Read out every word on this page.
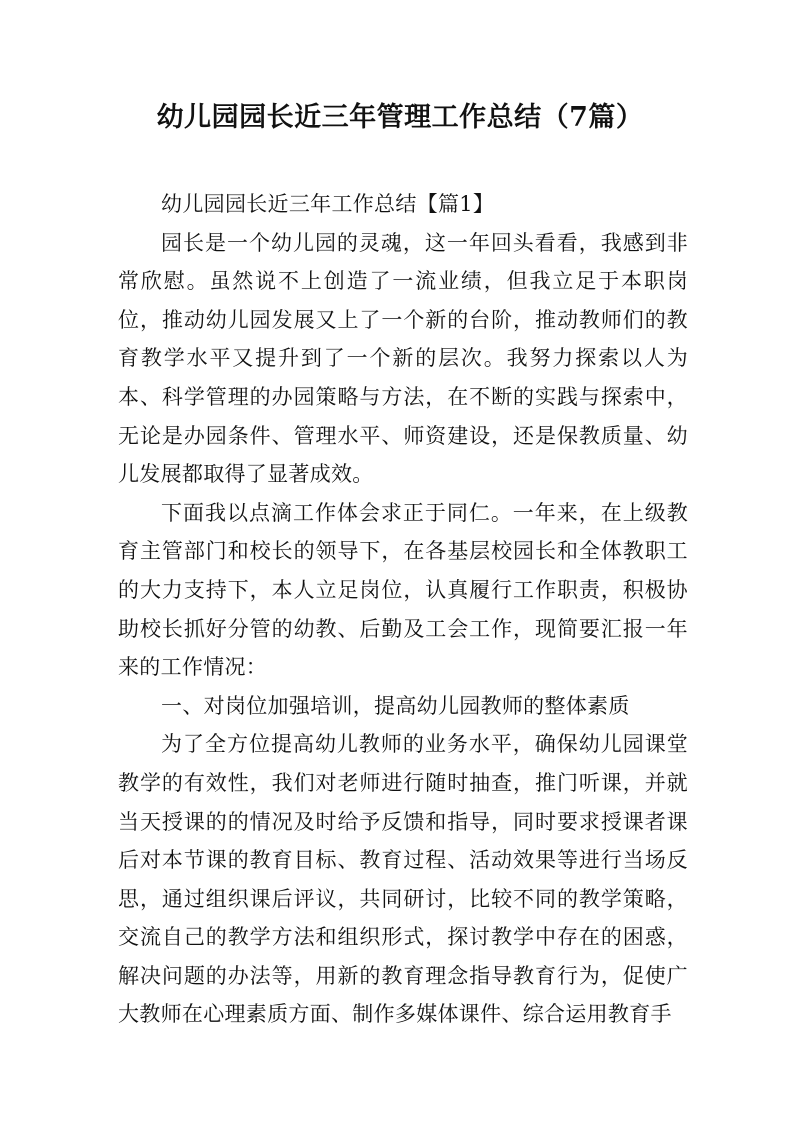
幼儿园园长近三年管理工作总结（7篇）

幼儿园园长近三年工作总结【篇1】

园长是一个幼儿园的灵魂，这一年回头看看，我感到非常欣慰。虽然说不上创造了一流业绩，但我立足于本职岗位，推动幼儿园发展又上了一个新的台阶，推动教师们的教育教学水平又提升到了一个新的层次。我努力探索以人为本、科学管理的办园策略与方法，在不断的实践与探索中，无论是办园条件、管理水平、师资建设，还是保教质量、幼儿发展都取得了显著成效。

下面我以点滴工作体会求正于同仁。一年来，在上级教育主管部门和校长的领导下，在各基层校园长和全体教职工的大力支持下，本人立足岗位，认真履行工作职责，积极协助校长抓好分管的幼教、后勤及工会工作，现简要汇报一年来的工作情况：

一、对岗位加强培训，提高幼儿园教师的整体素质

为了全方位提高幼儿教师的业务水平，确保幼儿园课堂教学的有效性，我们对老师进行随时抽查，推门听课，并就当天授课的的情况及时给予反馈和指导，同时要求授课者课后对本节课的教育目标、教育过程、活动效果等进行当场反思，通过组织课后评议，共同研讨，比较不同的教学策略，交流自己的教学方法和组织形式，探讨教学中存在的困惑，解决问题的办法等，用新的教育理念指导教育行为，促使广大教师在心理素质方面、制作多媒体课件、综合运用教育手
